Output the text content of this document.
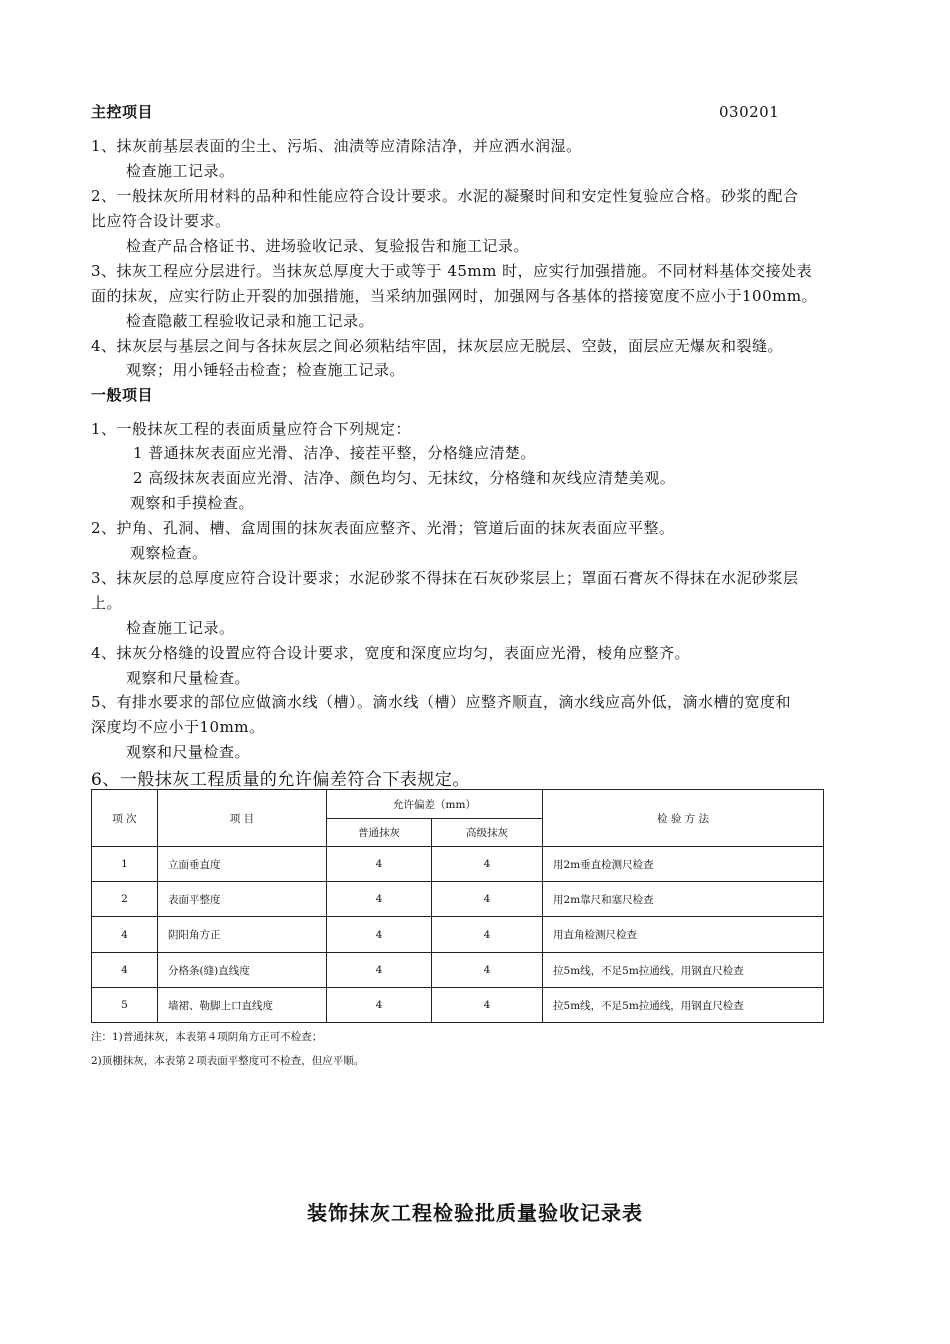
主控项目	030201
1、抹灰前基层表面的尘土、污垢、油渍等应清除洁净，并应洒水润湿。
检查施工记录。
2、一般抹灰所用材料的品种和性能应符合设计要求。水泥的凝聚时间和安定性复验应合格。砂浆的配合
比应符合设计要求。
检查产品合格证书、进场验收记录、复验报告和施工记录。
3、抹灰工程应分层进行。当抹灰总厚度大于或等于 45mm 时，应实行加强措施。不同材料基体交接处表
面的抹灰，应实行防止开裂的加强措施，当采纳加强网时，加强网与各基体的搭接宽度不应小于100mm。
检查隐蔽工程验收记录和施工记录。
4、抹灰层与基层之间与各抹灰层之间必须粘结牢固，抹灰层应无脱层、空鼓，面层应无爆灰和裂缝。
观察；用小锤轻击检查；检查施工记录。
一般项目
1、一般抹灰工程的表面质量应符合下列规定：
1 普通抹灰表面应光滑、洁净、接茬平整，分格缝应清楚。
2 高级抹灰表面应光滑、洁净、颜色均匀、无抹纹，分格缝和灰线应清楚美观。
观察和手摸检查。
2、护角、孔洞、槽、盒周围的抹灰表面应整齐、光滑；管道后面的抹灰表面应平整。
观察检查。
3、抹灰层的总厚度应符合设计要求；水泥砂浆不得抹在石灰砂浆层上；罩面石膏灰不得抹在水泥砂浆层
上。
检查施工记录。
4、抹灰分格缝的设置应符合设计要求，宽度和深度应均匀，表面应光滑，棱角应整齐。
观察和尺量检查。
5、有排水要求的部位应做滴水线（槽）。滴水线（槽）应整齐顺直，滴水线应高外低，滴水槽的宽度和
深度均不应小于10mm。
观察和尺量检查。
6、一般抹灰工程质量的允许偏差符合下表规定。
项 次	项 目	允许偏差（mm）		检 验 方 法
		普通抹灰	高级抹灰	
1	立面垂直度	4	4	用2m垂直检测尺检查
2	表面平整度	4	4	用2m靠尺和塞尺检查
4	阴阳角方正	4	4	用直角检测尺检查
4	分格条(缝)直线度	4	4	拉5m线，不足5m拉通线，用钢直尺检查
5	墙裙、勒脚上口直线度	4	4	拉5m线，不足5m拉通线，用钢直尺检查
注：1)普通抹灰，本表第４项阴角方正可不检查；
2)顶棚抹灰，本表第２项表面平整度可不检查，但应平顺。
装饰抹灰工程检验批质量验收记录表
